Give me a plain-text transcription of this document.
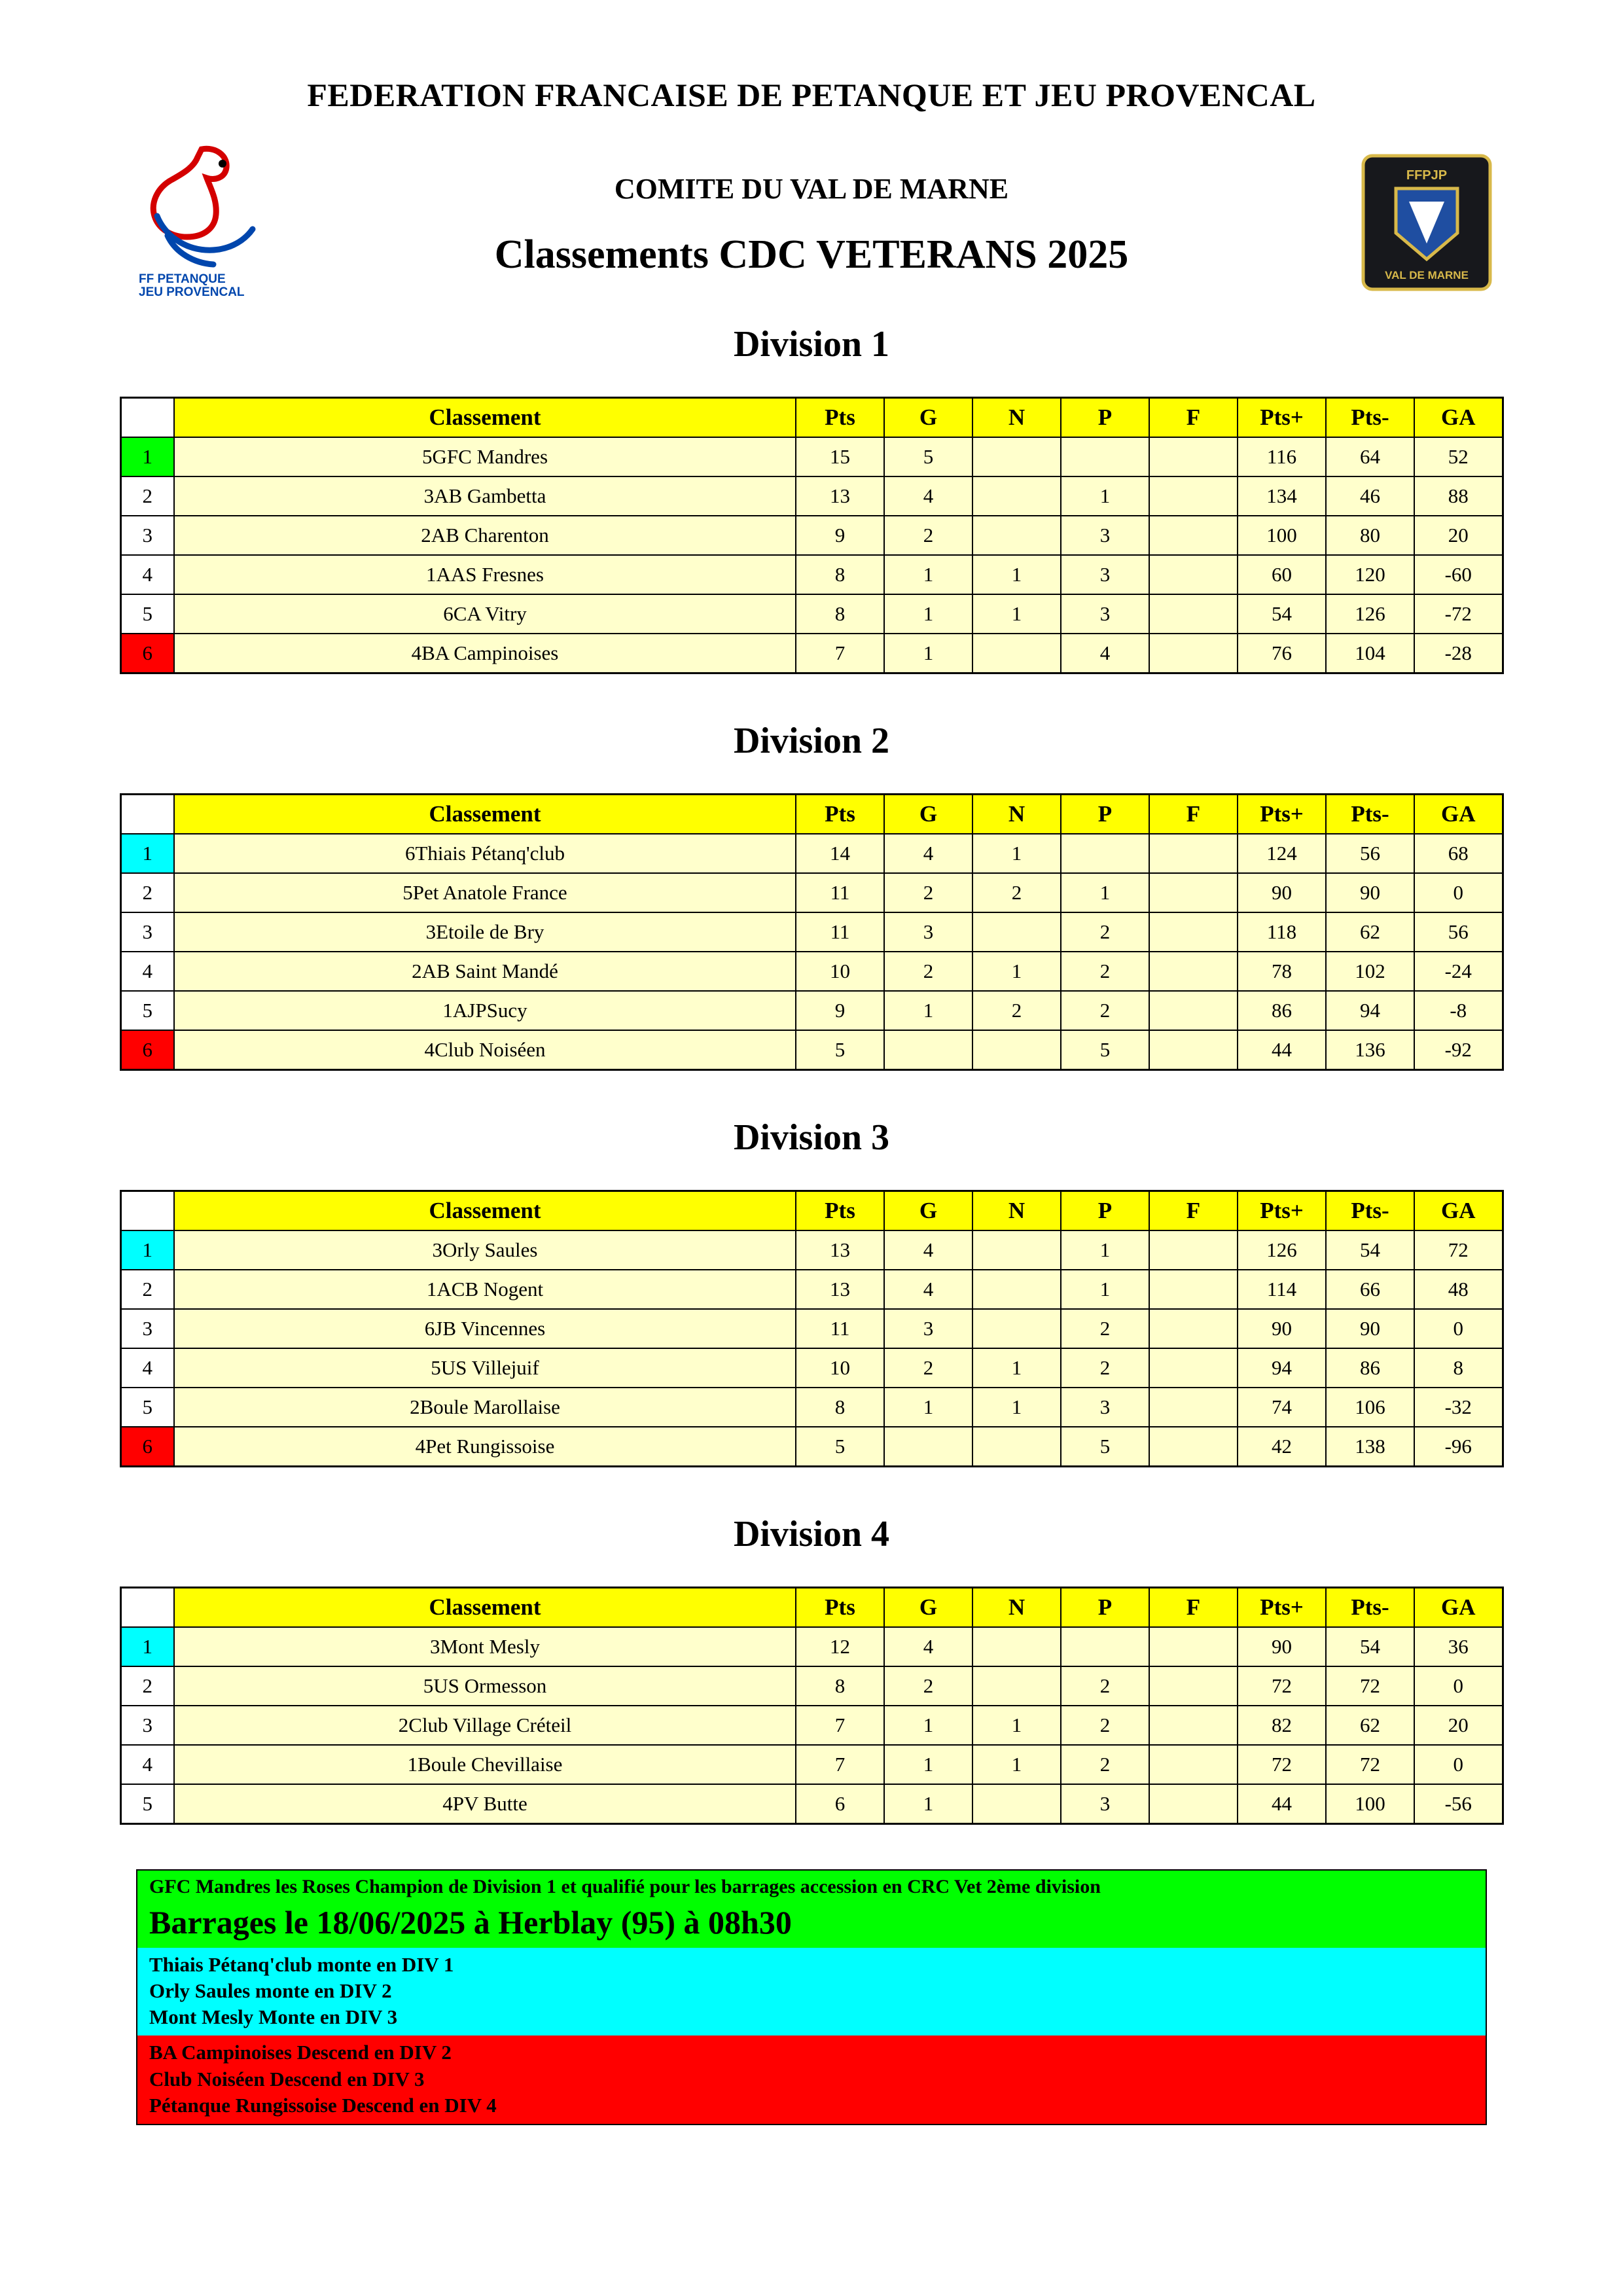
FEDERATION FRANCAISE DE PETANQUE ET JEU PROVENCAL
COMITE DU VAL DE MARNE
Classements CDC VETERANS 2025
FF PETANQUE
JEU PROVENCAL
FFPJP
VAL DE MARNE
Division 1
	Classement	Pts	G	N	P	F	Pts+	Pts-	GA
1	5GFC Mandres	15	5				116	64	52
2	3AB Gambetta	13	4		1		134	46	88
3	2AB Charenton	9	2		3		100	80	20
4	1AAS Fresnes	8	1	1	3		60	120	-60
5	6CA Vitry	8	1	1	3		54	126	-72
6	4BA Campinoises	7	1		4		76	104	-28
Division 2
	Classement	Pts	G	N	P	F	Pts+	Pts-	GA
1	6Thiais Pétanq'club	14	4	1			124	56	68
2	5Pet Anatole France	11	2	2	1		90	90	0
3	3Etoile de Bry	11	3		2		118	62	56
4	2AB Saint Mandé	10	2	1	2		78	102	-24
5	1AJPSucy	9	1	2	2		86	94	-8
6	4Club Noiséen	5			5		44	136	-92
Division 3
	Classement	Pts	G	N	P	F	Pts+	Pts-	GA
1	3Orly Saules	13	4		1		126	54	72
2	1ACB Nogent	13	4		1		114	66	48
3	6JB Vincennes	11	3		2		90	90	0
4	5US Villejuif	10	2	1	2		94	86	8
5	2Boule Marollaise	8	1	1	3		74	106	-32
6	4Pet Rungissoise	5			5		42	138	-96
Division 4
	Classement	Pts	G	N	P	F	Pts+	Pts-	GA
1	3Mont Mesly	12	4				90	54	36
2	5US Ormesson	8	2		2		72	72	0
3	2Club Village Créteil	7	1	1	2		82	62	20
4	1Boule Chevillaise	7	1	1	2		72	72	0
5	4PV Butte	6	1		3		44	100	-56
GFC Mandres les Roses Champion de Division 1 et qualifié pour les barrages accession en CRC Vet 2ème division
Barrages le 18/06/2025 à Herblay (95) à 08h30
Thiais Pétanq'club monte en DIV 1
Orly Saules monte en DIV 2
Mont Mesly Monte en DIV 3
BA Campinoises Descend en DIV 2
Club Noiséen Descend en DIV 3
Pétanque Rungissoise Descend en DIV 4
